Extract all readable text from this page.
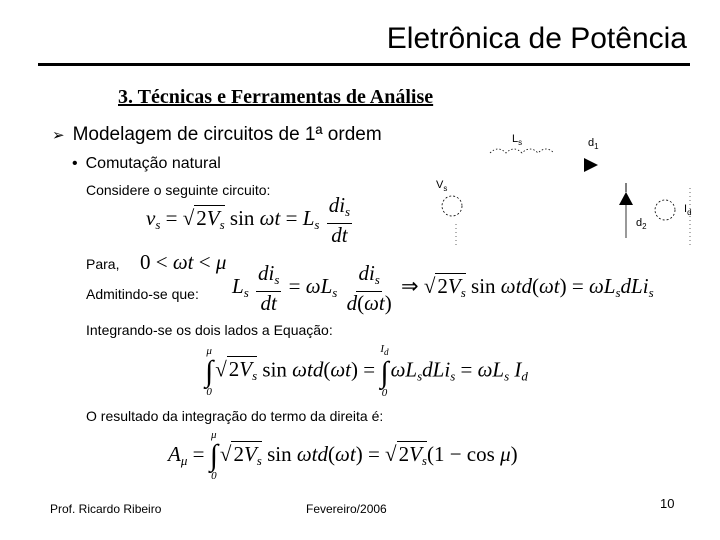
Eletrônica de Potência
3. Técnicas e Ferramentas de Análise
➢ Modelagem de circuitos de 1ª ordem
• Comutação natural
Considere o seguinte circuito:
$v_s = √2V_s$ $\sin \omega t = L_s \frac{di_s}{dt}$
Para, 0 < ωt < μ
Admitindo-se que: $L_s \frac{di_s}{dt} = \omega L_s \frac{di_s}{d(\omega t)}$ ⇒ $√2V_s$ $\sin \omega td(\omega t) = \omega L_sdLi_s$
Integrando-se os dois lados a Equação:
μ
∫
0
$√2V_s$ sin ωtd(ωt) =
$I_d$
∫
0
$\omega L_sdLi_s = \omega L_s$ $I_d$
O resultado da integração do termo da direita é:
$A_\mu$ =
μ
∫
0
$√2V_s$ $\sin \omega td(\omega t) = √2V_s(1 - \cos \mu)$
$L_s$	$d_1$
$V_s$
$d_2$
$I_d$
Prof. Ricardo Ribeiro	Fevereiro/2006	10
